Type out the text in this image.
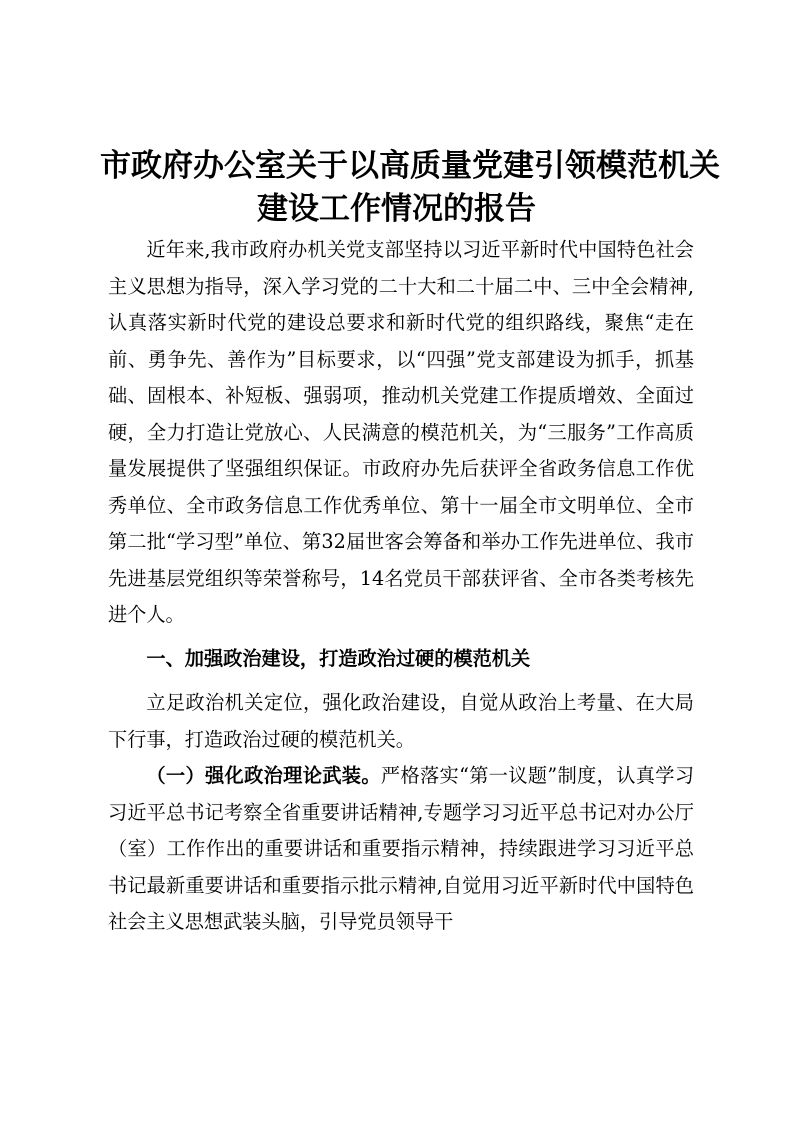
市政府办公室关于以高质量党建引领模范机关
建设工作情况的报告

近年来,我市政府办机关党支部坚持以习近平新时代中国特色社会主义思想为指导，深入学习党的二十大和二十届二中、三中全会精神,认真落实新时代党的建设总要求和新时代党的组织路线，聚焦“走在前、勇争先、善作为”目标要求，以“四强”党支部建设为抓手，抓基础、固根本、补短板、强弱项，推动机关党建工作提质增效、全面过硬，全力打造让党放心、人民满意的模范机关，为“三服务”工作高质量发展提供了坚强组织保证。市政府办先后获评全省政务信息工作优秀单位、全市政务信息工作优秀单位、第十一届全市文明单位、全市第二批“学习型”单位、第32届世客会筹备和举办工作先进单位、我市先进基层党组织等荣誉称号，14名党员干部获评省、全市各类考核先进个人。

一、加强政治建设，打造政治过硬的模范机关

立足政治机关定位，强化政治建设，自觉从政治上考量、在大局下行事，打造政治过硬的模范机关。

（一）强化政治理论武装。严格落实“第一议题”制度，认真学习习近平总书记考察全省重要讲话精神,专题学习习近平总书记对办公厅（室）工作作出的重要讲话和重要指示精神，持续跟进学习习近平总书记最新重要讲话和重要指示批示精神,自觉用习近平新时代中国特色社会主义思想武装头脑，引导党员领导干
